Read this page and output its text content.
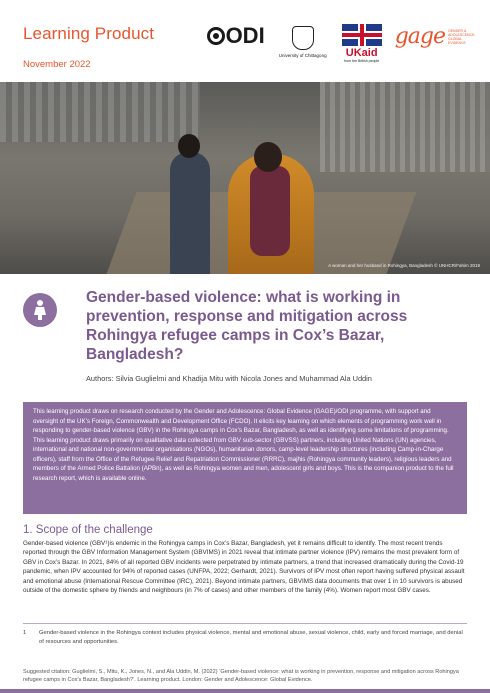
Learning Product
November 2022
ODI
University of Chittagong UKaid
from the British people
gage GENDER & ADOLESCENCE: GLOBAL EVIDENCE
A woman and her husband in Rohingya, Bangladesh © UNHCR/Fahim 2019
Gender-based violence: what is working in prevention, response and mitigation across Rohingya refugee camps in Cox’s Bazar, Bangladesh?
Authors: Silvia Guglielmi and Khadija Mitu with Nicola Jones and Muhammad Ala Uddin

This learning product draws on research conducted by the Gender and Adolescence: Global Evidence (GAGE)/ODI programme, with support and oversight of the UK’s Foreign, Commonwealth and Development Office (FCDO). It elicits key learning on which elements of programming work well in responding to gender-based violence (GBV) in the Rohingya camps in Cox’s Bazar, Bangladesh, as well as identifying some limitations of programming. This learning product draws primarily on qualitative data collected from GBV sub-sector (GBVSS) partners, including United Nations (UN) agencies, international and national non-governmental organisations (NGOs), humanitarian donors, camp-level leadership structures (including Camp-in-Charge officers), staff from the Office of the Refugee Relief and Repatriation Commissioner (RRRC), majhis (Rohingya community leaders), religious leaders and members of the Armed Police Battalion (APBn), as well as Rohingya women and men, adolescent girls and boys. This is the companion product to the full research report, which is available online.

1. Scope of the challenge

Gender-based violence (GBV¹)is endemic in the Rohingya camps in Cox’s Bazar, Bangladesh, yet it remains difficult to identify. The most recent trends reported through the GBV Information Management System (GBVIMS) in 2021 reveal that intimate partner violence (IPV) remains the most prevalent form of GBV in Cox’s Bazar. In 2021, 84% of all reported GBV incidents were perpetrated by intimate partners, a trend that increased dramatically during the Covid-19 pandemic, when IPV accounted for 94% of reported cases (UNFPA, 2022; Gerhardt, 2021). Survivors of IPV most often report having suffered physical assault and emotional abuse (International Rescue Committee (IRC), 2021). Beyond intimate partners, GBVIMS data documents that over 1 in 10 survivors is abused outside of the domestic sphere by friends and neighbours (in 7% of cases) and other members of the family (4%). Women report most GBV cases.

1	Gender-based violence in the Rohingya context includes physical violence, mental and emotional abuse, sexual violence, child, early and forced marriage, and denial of resources and opportunities.
Suggested citation: Guglielmi, S., Mitu, K., Jones, N., and Ala Uddin, M. (2022) ‘Gender-based violence: what is working in prevention, response and mitigation across Rohingya refugee camps in Cox’s Bazar, Bangladesh?’. Learning product. London: Gender and Adolescence: Global Evidence.
